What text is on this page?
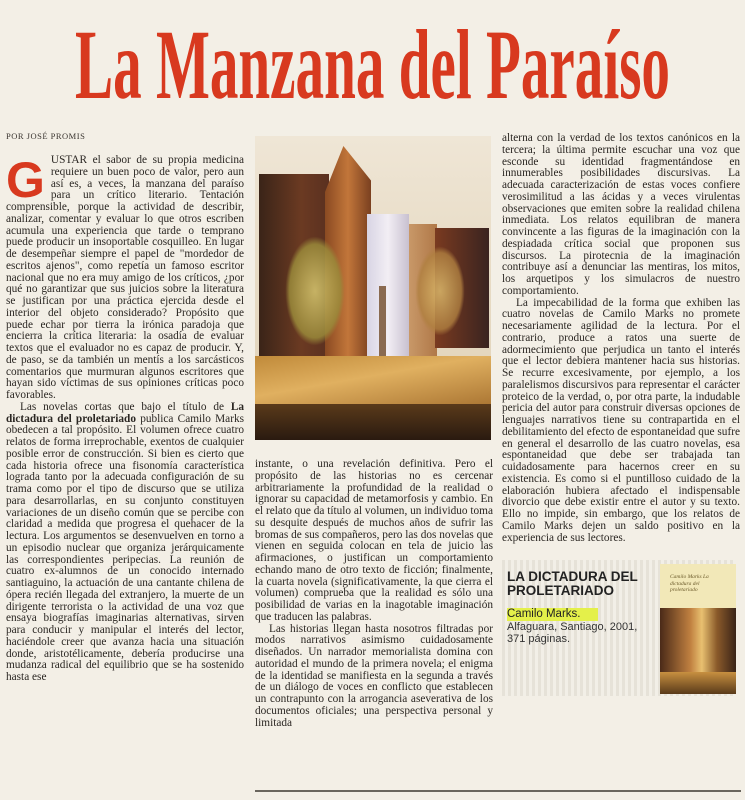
La Manzana del Paraíso
POR JOSÉ PROMIS

GUSTAR el sabor de su propia medicina requiere un buen poco de valor, pero aun así es, a veces, la manzana del paraíso para un crítico literario. Tentación comprensible, porque la actividad de describir, analizar, comentar y evaluar lo que otros escriben acumula una experiencia que tarde o temprano puede producir un insoportable cosquilleo. En lugar de desempeñar siempre el papel de "mordedor de escritos ajenos", como repetía un famoso escritor nacional que no era muy amigo de los críticos, ¿por qué no garantizar que sus juicios sobre la literatura se justifican por una práctica ejercida desde el interior del objeto considerado? Propósito que puede echar por tierra la irónica paradoja que encierra la crítica literaria: la osadía de evaluar textos que el evaluador no es capaz de producir. Y, de paso, se da también un mentís a los sarcásticos comentarios que murmuran algunos escritores que hayan sido víctimas de sus opiniones críticas poco favorables.

Las novelas cortas que bajo el título de La dictadura del proletariado publica Camilo Marks obedecen a tal propósito. El volumen ofrece cuatro relatos de forma irreprochable, exentos de cualquier posible error de construcción. Si bien es cierto que cada historia ofrece una fisonomía característica lograda tanto por la adecuada configuración de su trama como por el tipo de discurso que se utiliza para desarrollarlas, en su conjunto constituyen variaciones de un diseño común que se percibe con claridad a medida que progresa el quehacer de la lectura. Los argumentos se desenvuelven en torno a un episodio nuclear que organiza jerárquicamente las correspondientes peripecias. La reunión de cuatro ex-alumnos de un conocido internado santiaguino, la actuación de una cantante chilena de ópera recién llegada del extranjero, la muerte de un dirigente terrorista o la actividad de una voz que ensaya biografías imaginarias alternativas, sirven para conducir y manipular el interés del lector, haciéndole creer que avanza hacia una situación donde, aristotélicamente, debería producirse una mudanza radical del equilibrio que se ha sostenido hasta ese

instante, o una revelación definitiva. Pero el propósito de las historias no es cercenar arbitrariamente la profundidad de la realidad o ignorar su capacidad de metamorfosis y cambio. En el relato que da título al volumen, un individuo toma su desquite después de muchos años de sufrir las bromas de sus compañeros, pero las dos novelas que vienen en seguida colocan en tela de juicio las afirmaciones, o justifican un comportamiento echando mano de otro texto de ficción; finalmente, la cuarta novela (significativamente, la que cierra el volumen) comprueba que la realidad es sólo una posibilidad de varias en la inagotable imaginación que traducen las palabras.

Las historias llegan hasta nosotros filtradas por modos narrativos asimismo cuidadosamente diseñados. Un narrador memorialista domina con autoridad el mundo de la primera novela; el enigma de la identidad se manifiesta en la segunda a través de un diálogo de voces en conflicto que establecen un contrapunto con la arrogancia aseverativa de los documentos oficiales; una perspectiva personal y limitada

alterna con la verdad de los textos canónicos en la tercera; la última permite escuchar una voz que esconde su identidad fragmentándose en innumerables posibilidades discursivas. La adecuada caracterización de estas voces confiere verosimilitud a las ácidas y a veces virulentas observaciones que emiten sobre la realidad chilena inmediata. Los relatos equilibran de manera convincente a las figuras de la imaginación con la despiadada crítica social que proponen sus discursos. La pirotecnia de la imaginación contribuye así a denunciar las mentiras, los mitos, los arquetipos y los simulacros de nuestro comportamiento.

La impecabilidad de la forma que exhiben las cuatro novelas de Camilo Marks no promete necesariamente agilidad de la lectura. Por el contrario, produce a ratos una suerte de adormecimiento que perjudica un tanto el interés que el lector debiera mantener hacia sus historias. Se recurre excesivamente, por ejemplo, a los paralelismos discursivos para representar el carácter proteico de la verdad, o, por otra parte, la indudable pericia del autor para construir diversas opciones de lenguajes narrativos tiene su contrapartida en el debilitamiento del efecto de espontaneidad que sufre en general el desarrollo de las cuatro novelas, esa espontaneidad que debe ser trabajada tan cuidadosamente para hacernos creer en su existencia. Es como si el puntilloso cuidado de la elaboración hubiera afectado el indispensable divorcio que debe existir entre el autor y su texto. Ello no impide, sin embargo, que los relatos de Camilo Marks dejen un saldo positivo en la experiencia de sus lectores.

LA DICTADURA DEL PROLETARIADO
Camilo Marks.
Alfaguara, Santiago, 2001,
371 páginas.
Camilo Marks La dictadura del proletariado
